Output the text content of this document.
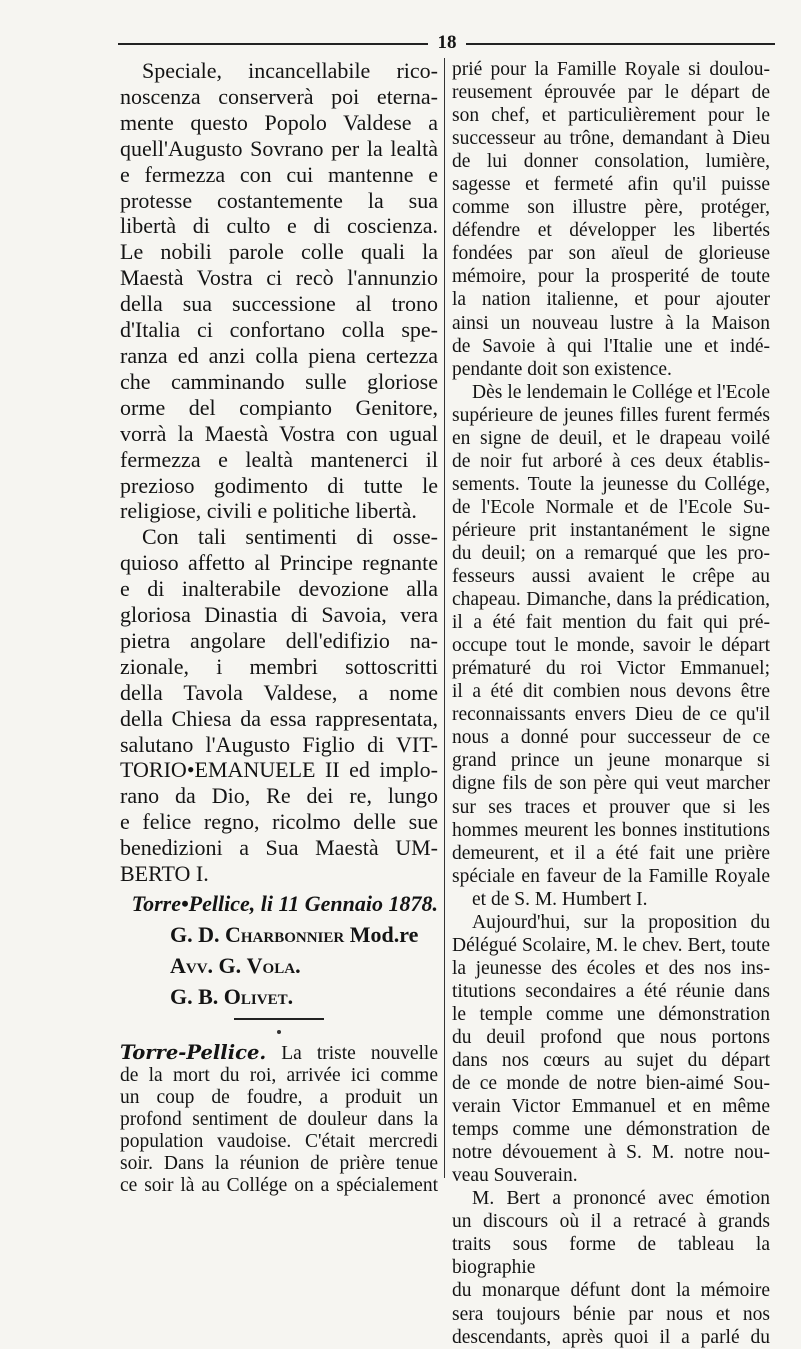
18
Speciale, incancellabile rico-
noscenza conserverà poi eterna-
mente questo Popolo Valdese a
quell'Augusto Sovrano per la lealtà
e fermezza con cui mantenne e
protesse costantemente la sua
libertà di culto e di coscienza.
Le nobili parole colle quali la
Maestà Vostra ci recò l'annunzio
della sua successione al trono
d'Italia ci confortano colla spe-
ranza ed anzi colla piena certezza
che camminando sulle gloriose
orme del compianto Genitore,
vorrà la Maestà Vostra con ugual
fermezza e lealtà mantenerci il
prezioso godimento di tutte le
religiose, civili e politiche libertà.
Con tali sentimenti di osse-
quioso affetto al Principe regnante
e di inalterabile devozione alla
gloriosa Dinastia di Savoia, vera
pietra angolare dell'edifizio na-
zionale, i membri sottoscritti
della Tavola Valdese, a nome
della Chiesa da essa rappresentata,
salutano l'Augusto Figlio di VIT-
TORIO•EMANUELE II ed implo-
rano da Dio, Re dei re, lungo
e felice regno, ricolmo delle sue
benedizioni a Sua Maestà UM-
BERTO I.

Torre•Pellice, li 11 Gennaio 1878.

G. D. Charbonnier Mod.re

Avv. G. Vola.

G. B. Olivet.

Torre-Pellice. La triste nouvelle
de la mort du roi, arrivée ici comme
un coup de foudre, a produit un
profond sentiment de douleur dans la
population vaudoise. C'était mercredi
soir. Dans la réunion de prière tenue
ce soir là au Collége on a spécialement
prié pour la Famille Royale si doulou-
reusement éprouvée par le départ de
son chef, et particulièrement pour le
successeur au trône, demandant à Dieu
de lui donner consolation, lumière,
sagesse et fermeté afin qu'il puisse
comme son illustre père, protéger,
défendre et développer les libertés
fondées par son aïeul de glorieuse
mémoire, pour la prosperité de toute
la nation italienne, et pour ajouter
ainsi un nouveau lustre à la Maison
de Savoie à qui l'Italie une et indé-
pendante doit son existence.
Dès le lendemain le Collége et l'Ecole
supérieure de jeunes filles furent fermés
en signe de deuil, et le drapeau voilé
de noir fut arboré à ces deux établis-
sements. Toute la jeunesse du Collége,
de l'Ecole Normale et de l'Ecole Su-
périeure prit instantanément le signe
du deuil; on a remarqué que les pro-
fesseurs aussi avaient le crêpe au
chapeau. Dimanche, dans la prédication,
il a été fait mention du fait qui pré-
occupe tout le monde, savoir le départ
prématuré du roi Victor Emmanuel;
il a été dit combien nous devons être
reconnaissants envers Dieu de ce qu'il
nous a donné pour successeur de ce
grand prince un jeune monarque si
digne fils de son père qui veut marcher
sur ses traces et prouver que si les
hommes meurent les bonnes institutions
demeurent, et il a été fait une prière
spéciale en faveur de la Famille Royale
et de S. M. Humbert I.
Aujourd'hui, sur la proposition du
Délégué Scolaire, M. le chev. Bert, toute
la jeunesse des écoles et des nos ins-
titutions secondaires a été réunie dans
le temple comme une démonstration
du deuil profond que nous portons
dans nos cœurs au sujet du départ
de ce monde de notre bien-aimé Sou-
verain Victor Emmanuel et en même
temps comme une démonstration de
notre dévouement à S. M. notre nou-
veau Souverain.
M. Bert a prononcé avec émotion
un discours où il a retracé à grands
traits sous forme de tableau la biographie
du monarque défunt dont la mémoire
sera toujours bénie par nous et nos
descendants, après quoi il a parlé du
